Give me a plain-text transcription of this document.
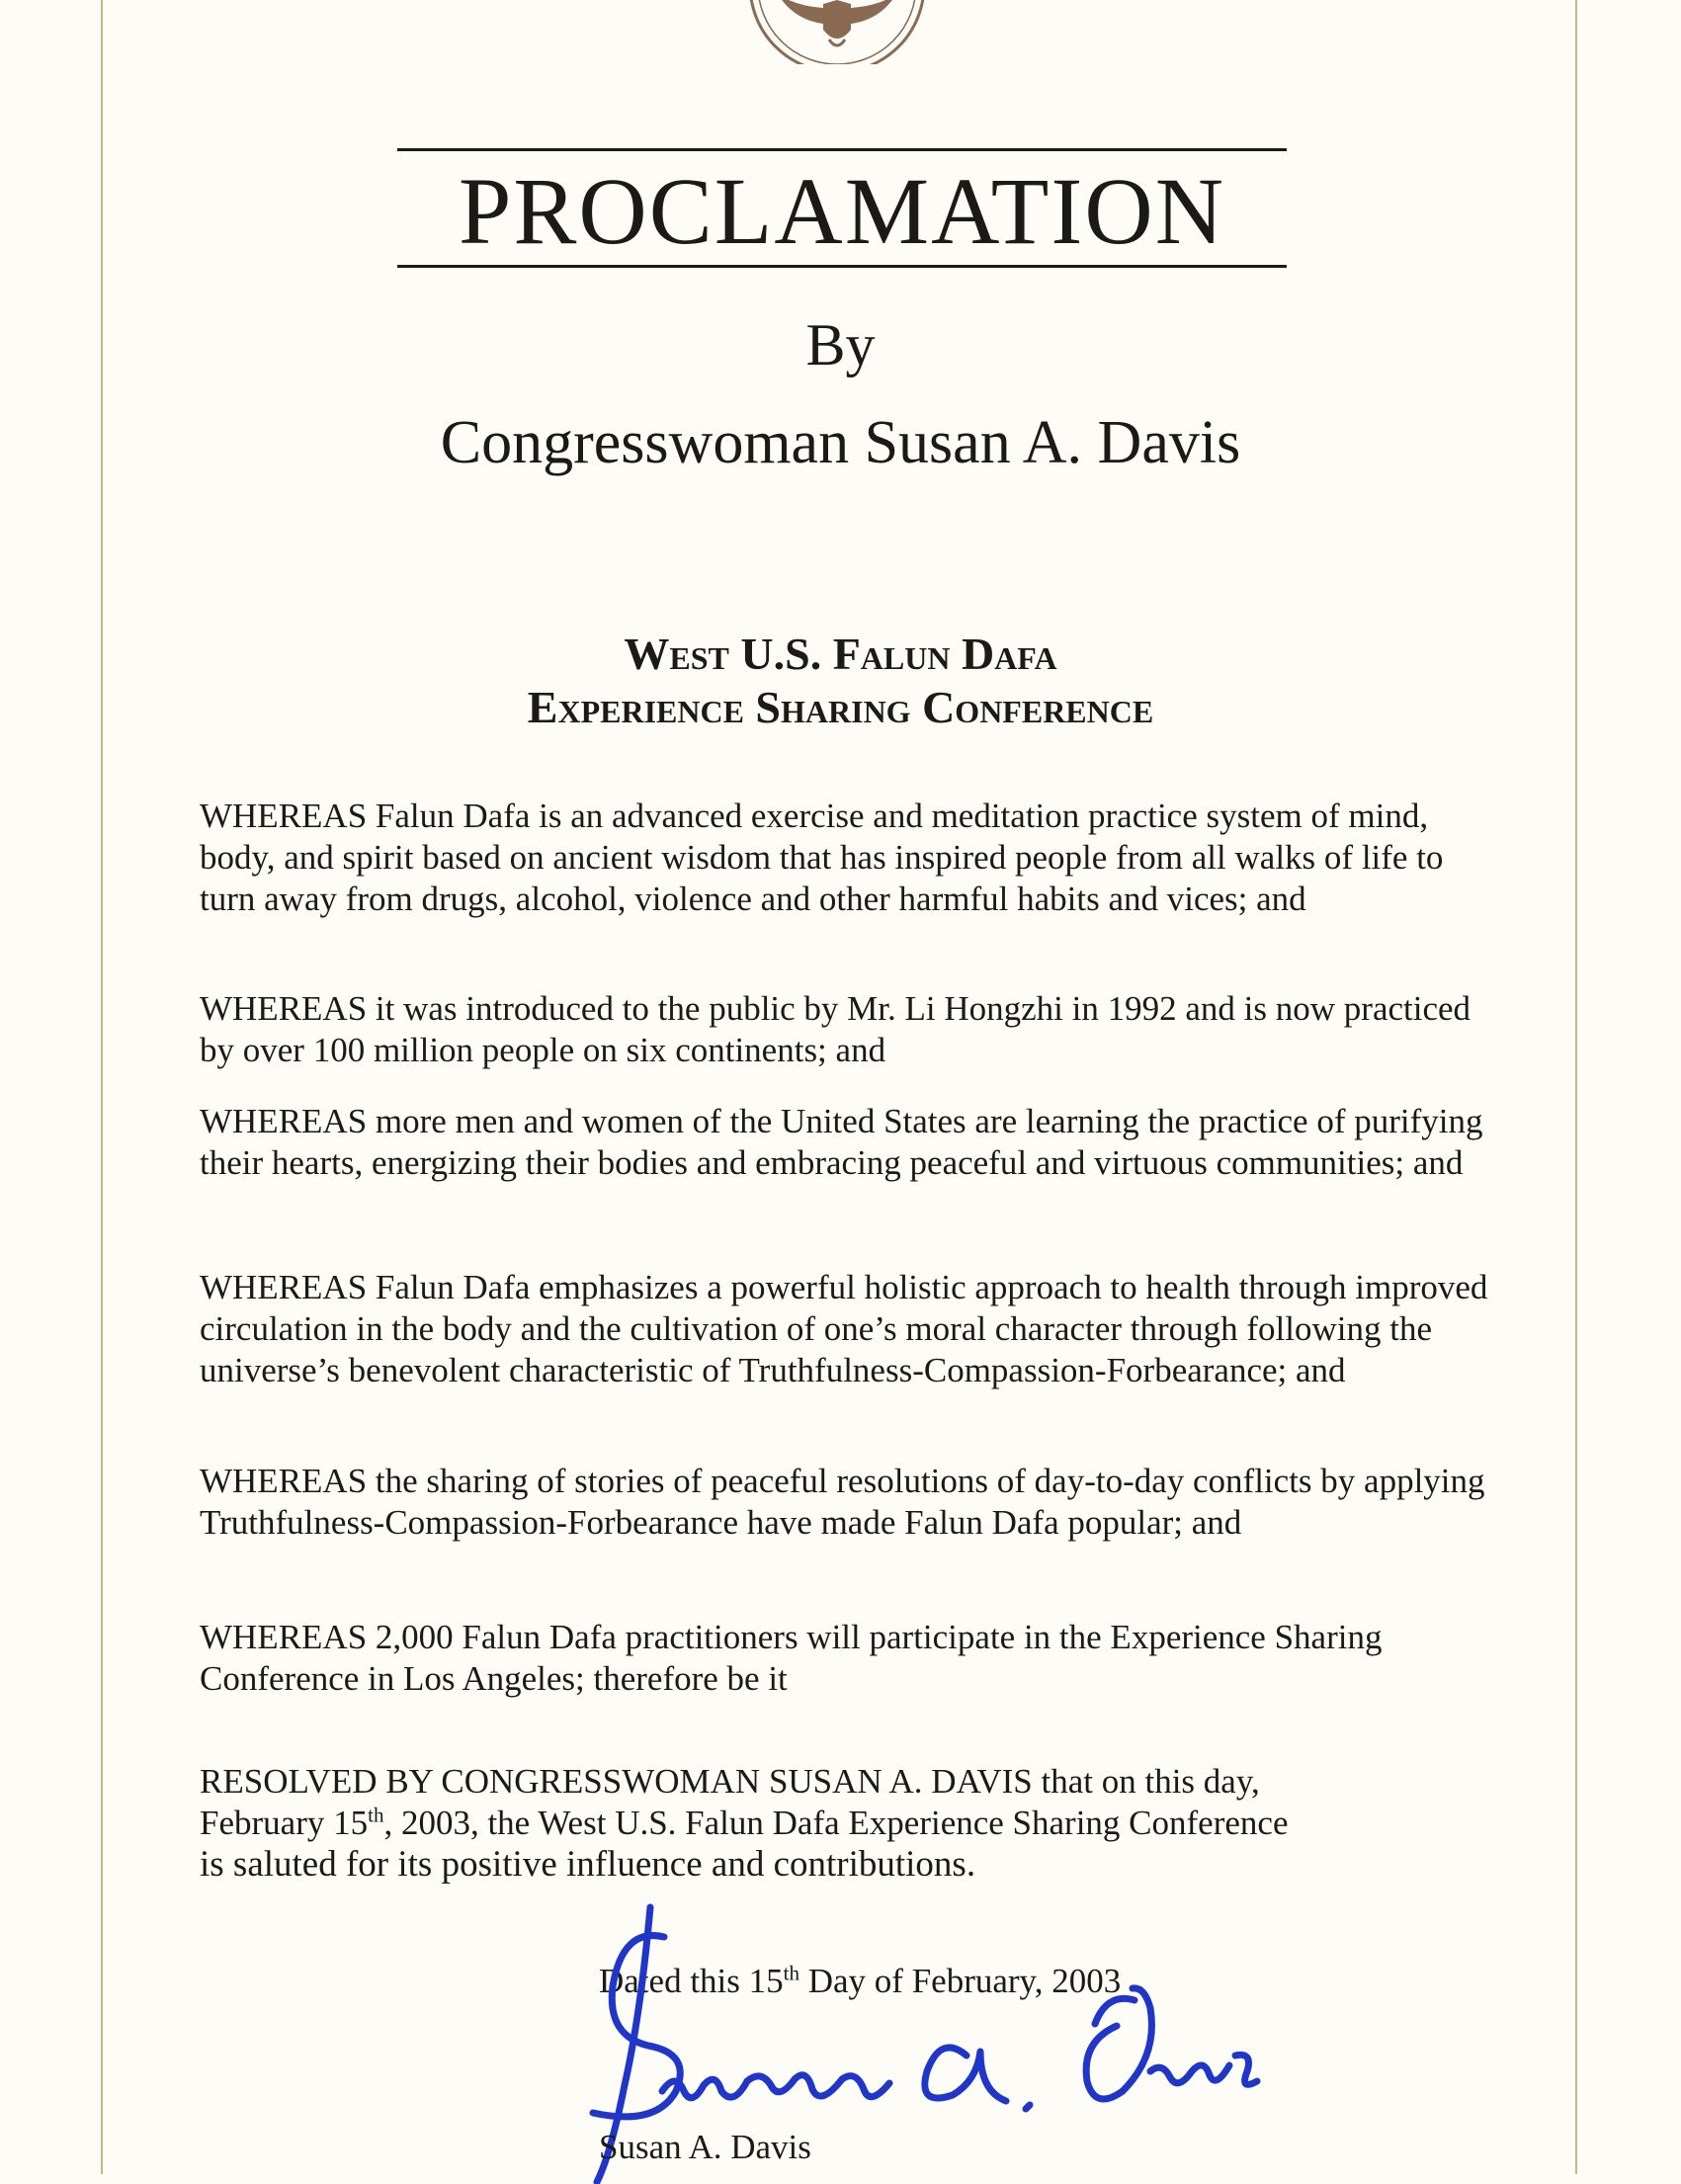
PROCLAMATION
By
Congresswoman Susan A. Davis
West U.S. Falun Dafa
Experience Sharing Conference

WHEREAS Falun Dafa is an advanced exercise and meditation practice system of mind, body, and spirit based on ancient wisdom that has inspired people from all walks of life to turn away from drugs, alcohol, violence and other harmful habits and vices; and

WHEREAS it was introduced to the public by Mr. Li Hongzhi in 1992 and is now practiced by over 100 million people on six continents; and

WHEREAS more men and women of the United States are learning the practice of purifying their hearts, energizing their bodies and embracing peaceful and virtuous communities; and

WHEREAS Falun Dafa emphasizes a powerful holistic approach to health through improved circulation in the body and the cultivation of one’s moral character through following the universe’s benevolent characteristic of Truthfulness-Compassion-Forbearance; and

WHEREAS the sharing of stories of peaceful resolutions of day-to-day conflicts by applying Truthfulness-Compassion-Forbearance have made Falun Dafa popular; and

WHEREAS 2,000 Falun Dafa practitioners will participate in the Experience Sharing Conference in Los Angeles; therefore be it

RESOLVED BY CONGRESSWOMAN SUSAN A. DAVIS that on this day,
February 15th, 2003, the West U.S. Falun Dafa Experience Sharing Conference
is saluted for its positive influence and contributions.
Dated this 15th Day of February, 2003
Susan A. Davis
